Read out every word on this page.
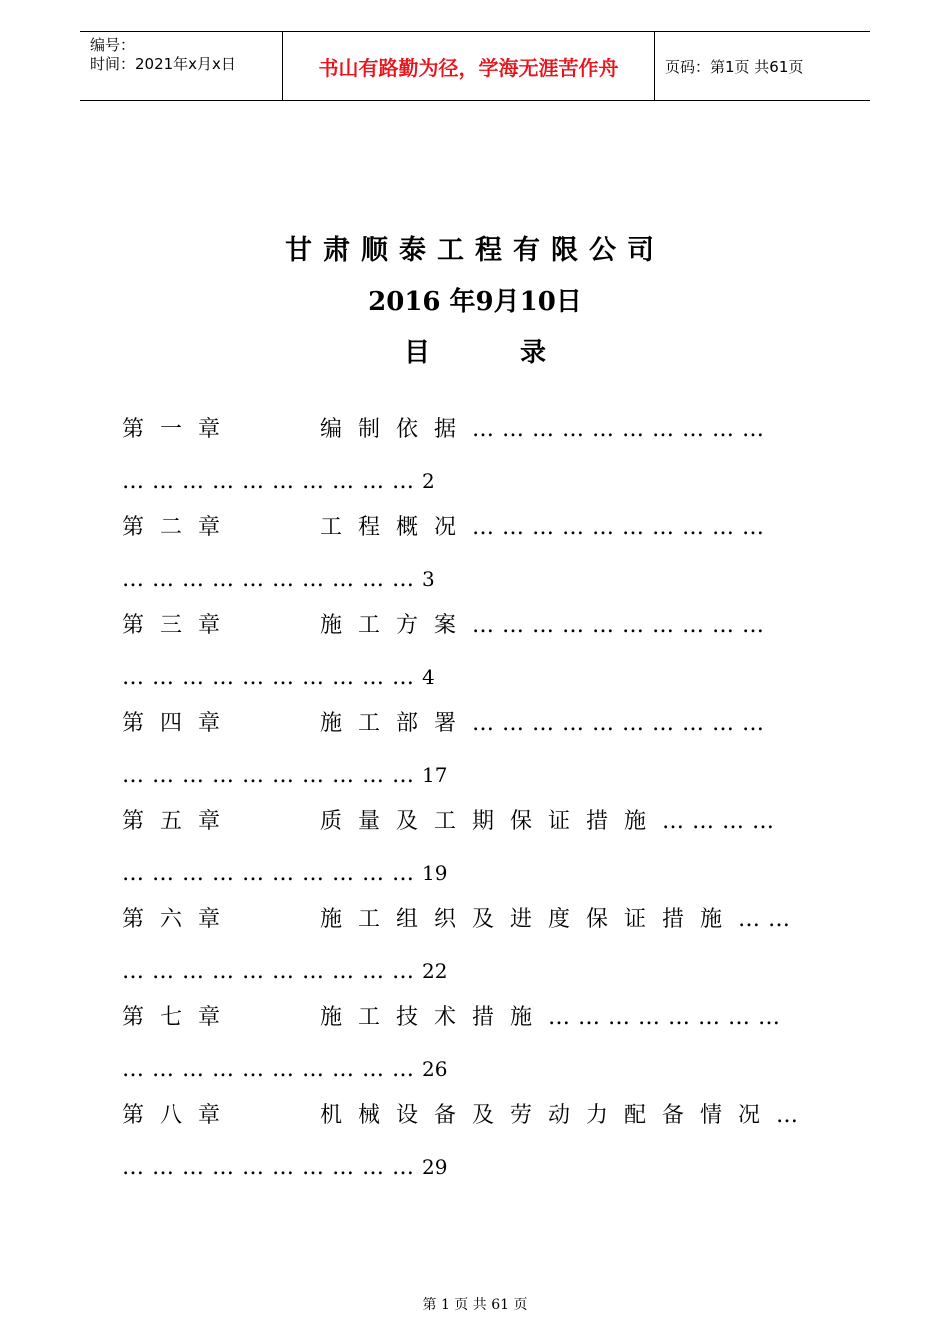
编号：
时间：2021年x月x日	书山有路勤为径，学海无涯苦作舟	页码：第1页 共61页
甘肃顺泰工程有限公司
2016 年9月10日
目	录
第一章	编制依据…………………………
…………………………2
第二章	工程概况…………………………
…………………………3
第三章	施工方案…………………………
…………………………4
第四章	施工部署…………………………
…………………………17
第五章	质量及工期保证措施…………
…………………………19
第六章	施工组织及进度保证措施……
…………………………22
第七章	施工技术措施……………………
…………………………26
第八章	机械设备及劳动力配备情况…
…………………………29
第 1 页 共 61 页
